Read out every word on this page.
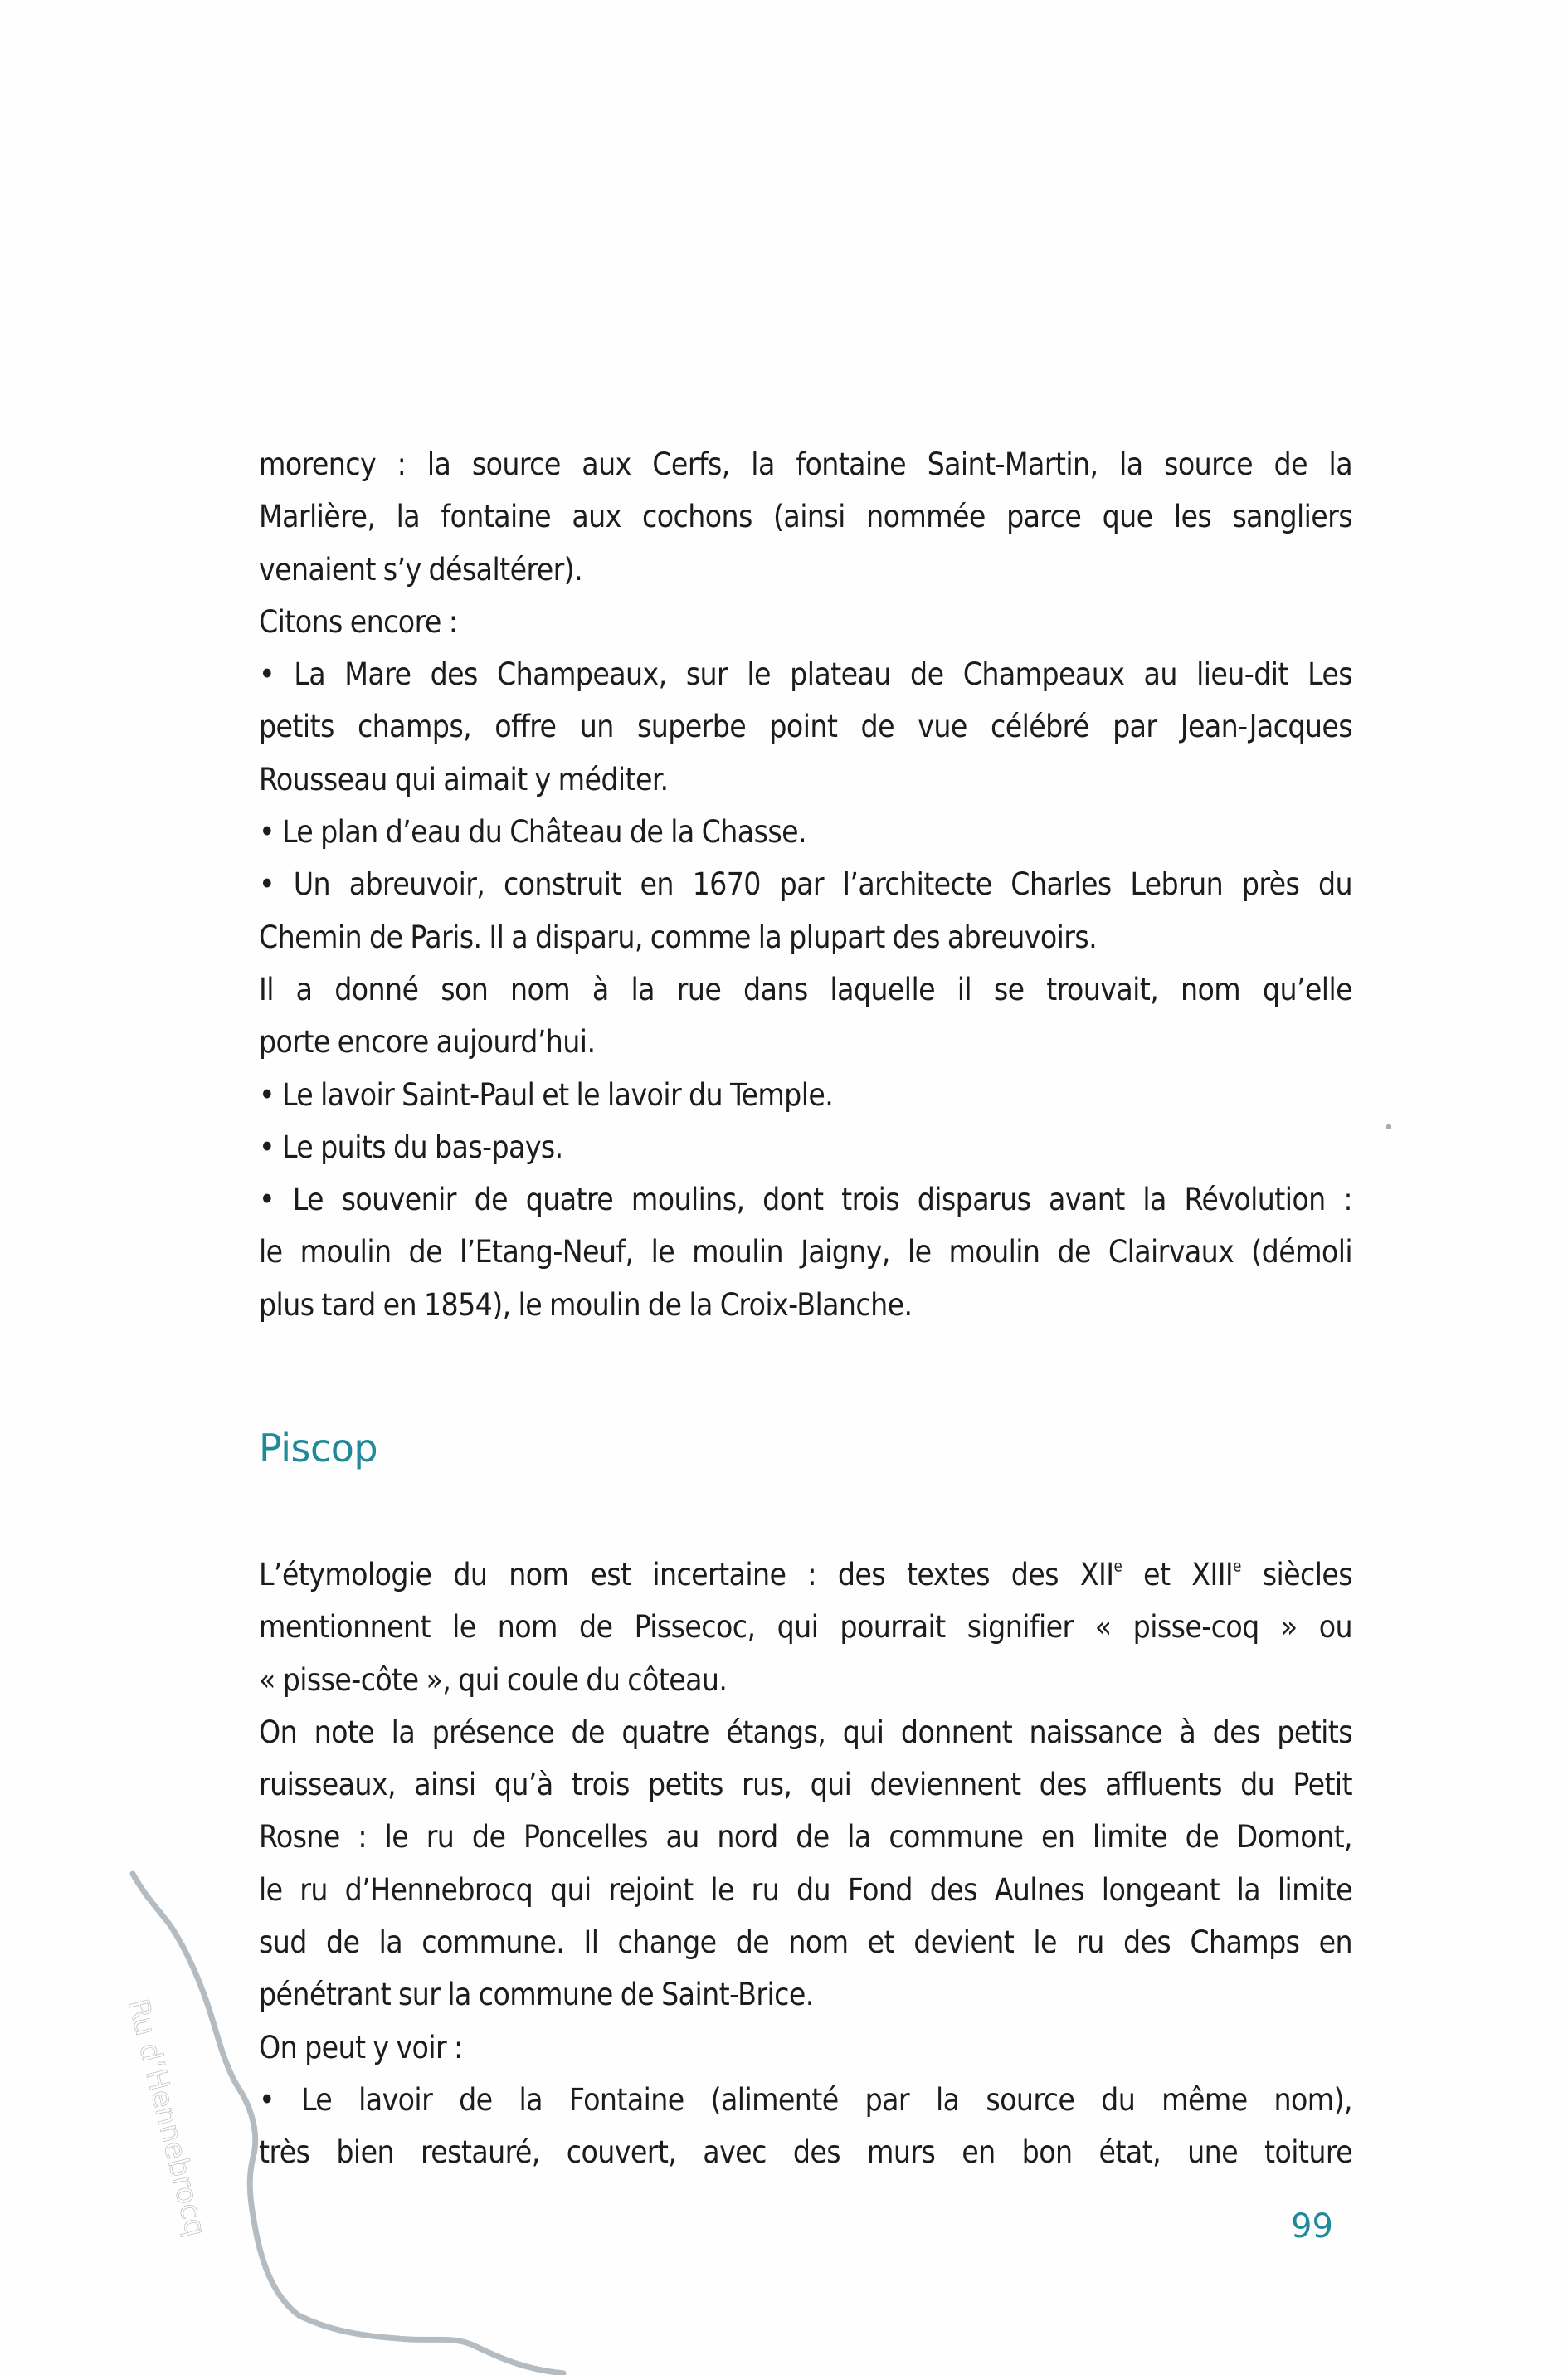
Ru d’Hennebrocq
morency : la source aux Cerfs, la fontaine Saint-Martin, la source de la
Marlière, la fontaine aux cochons (ainsi nommée parce que les sangliers
venaient s’y désaltérer).
Citons encore :
• La Mare des Champeaux, sur le plateau de Champeaux au lieu-dit Les
petits champs, offre un superbe point de vue célébré par Jean-Jacques
Rousseau qui aimait y méditer.
• Le plan d’eau du Château de la Chasse.
• Un abreuvoir, construit en 1670 par l’architecte Charles Lebrun près du
Chemin de Paris. Il a disparu, comme la plupart des abreuvoirs.
Il a donné son nom à la rue dans laquelle il se trouvait, nom qu’elle
porte encore aujourd’hui.
• Le lavoir Saint-Paul et le lavoir du Temple.
• Le puits du bas-pays.
• Le souvenir de quatre moulins, dont trois disparus avant la Révolution :
le moulin de l’Etang-Neuf, le moulin Jaigny, le moulin de Clairvaux (démoli
plus tard en 1854), le moulin de la Croix-Blanche.
Piscop
L’étymologie du nom est incertaine : des textes des XIIe et XIIIe siècles
mentionnent le nom de Pissecoc, qui pourrait signifier « pisse-coq » ou
« pisse-côte », qui coule du côteau.
On note la présence de quatre étangs, qui donnent naissance à des petits
ruisseaux, ainsi qu’à trois petits rus, qui deviennent des affluents du Petit
Rosne : le ru de Poncelles au nord de la commune en limite de Domont,
le ru d’Hennebrocq qui rejoint le ru du Fond des Aulnes longeant la limite
sud de la commune. Il change de nom et devient le ru des Champs en
pénétrant sur la commune de Saint-Brice.
On peut y voir :
• Le lavoir de la Fontaine (alimenté par la source du même nom),
très bien restauré, couvert, avec des murs en bon état, une toiture
99
